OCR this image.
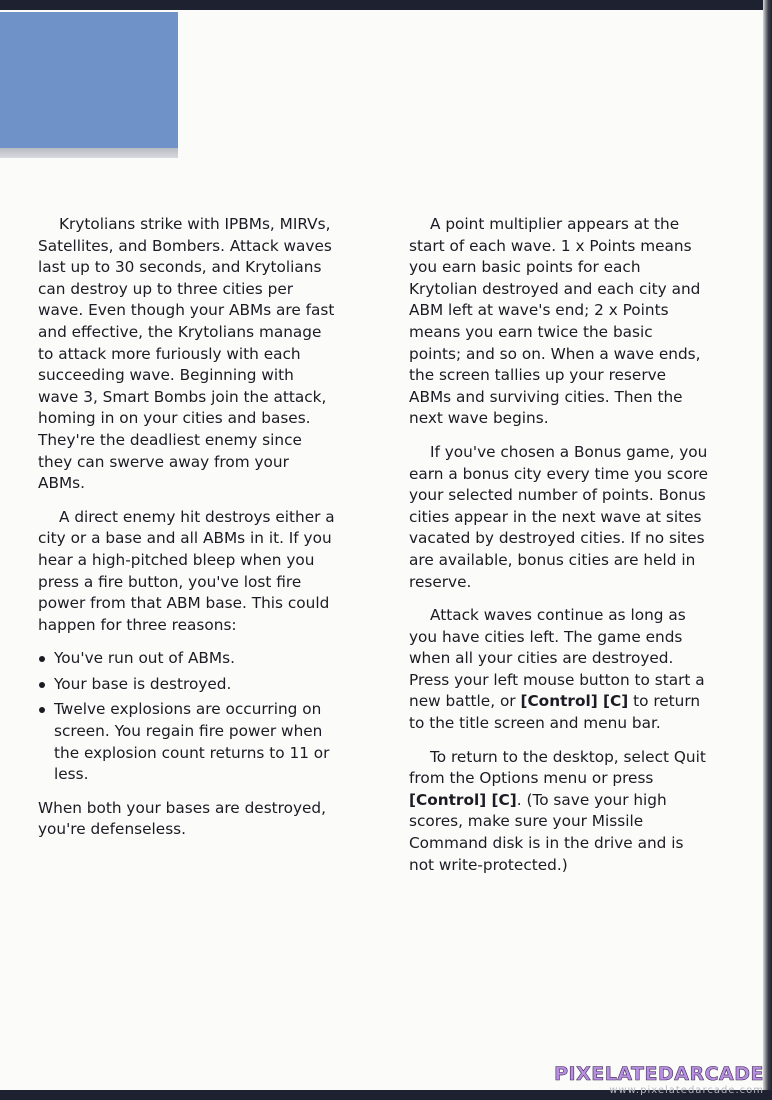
Krytolians strike with IPBMs, MIRVs, Satellites, and Bombers. Attack waves last up to 30 seconds, and Krytolians can destroy up to three cities per wave. Even though your ABMs are fast and effective, the Krytolians manage to attack more furiously with each succeeding wave. Beginning with wave 3, Smart Bombs join the attack, homing in on your cities and bases. They're the deadliest enemy since they can swerve away from your ABMs.

A direct enemy hit destroys either a city or a base and all ABMs in it. If you hear a high-pitched bleep when you press a fire button, you've lost fire power from that ABM base. This could happen for three reasons:

You've run out of ABMs.
Your base is destroyed.
Twelve explosions are occurring on screen. You regain fire power when the explosion count returns to 11 or less.

When both your bases are destroyed, you're defenseless.

A point multiplier appears at the start of each wave. 1 x Points means you earn basic points for each Krytolian destroyed and each city and ABM left at wave's end; 2 x Points means you earn twice the basic points; and so on. When a wave ends, the screen tallies up your reserve ABMs and surviving cities. Then the next wave begins.

If you've chosen a Bonus game, you earn a bonus city every time you score your selected number of points. Bonus cities appear in the next wave at sites vacated by destroyed cities. If no sites are available, bonus cities are held in reserve.

Attack waves continue as long as you have cities left. The game ends when all your cities are destroyed. Press your left mouse button to start a new battle, or [Control] [C] to return to the title screen and menu bar.

To return to the desktop, select Quit from the Options menu or press [Control] [C]. (To save your high scores, make sure your Missile Command disk is in the drive and is not write-protected.)

PIXELATEDARCADE
www.pixelatedarcade.com
